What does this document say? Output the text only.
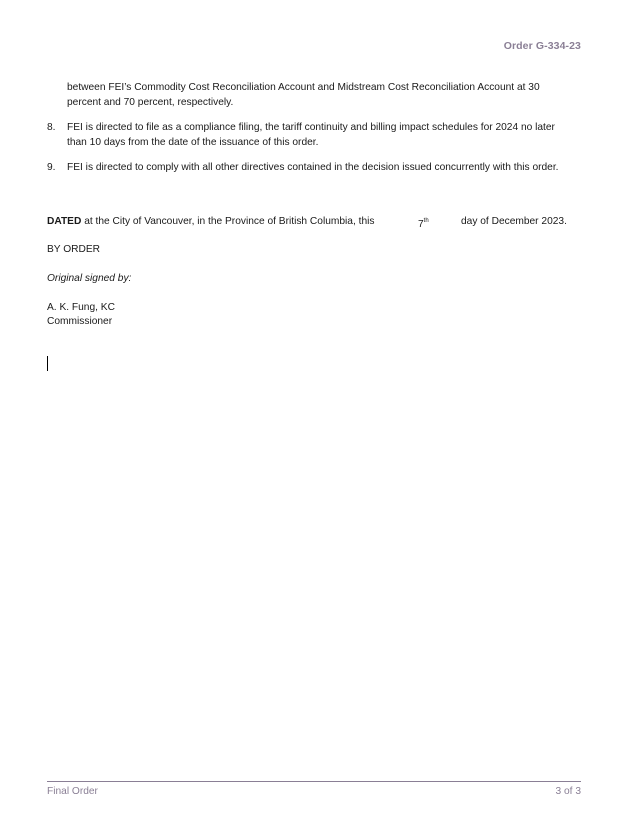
Order G-334-23
between FEI’s Commodity Cost Reconciliation Account and Midstream Cost Reconciliation Account at 30 percent and 70 percent, respectively.
8.	FEI is directed to file as a compliance filing, the tariff continuity and billing impact schedules for 2024 no later than 10 days from the date of the issuance of this order.
9.	FEI is directed to comply with all other directives contained in the decision issued concurrently with this order.
DATED at the City of Vancouver, in the Province of British Columbia, this	7th	day of December 2023.
BY ORDER
Original signed by:
A. K. Fung, KC
Commissioner
Final Order	3 of 3
